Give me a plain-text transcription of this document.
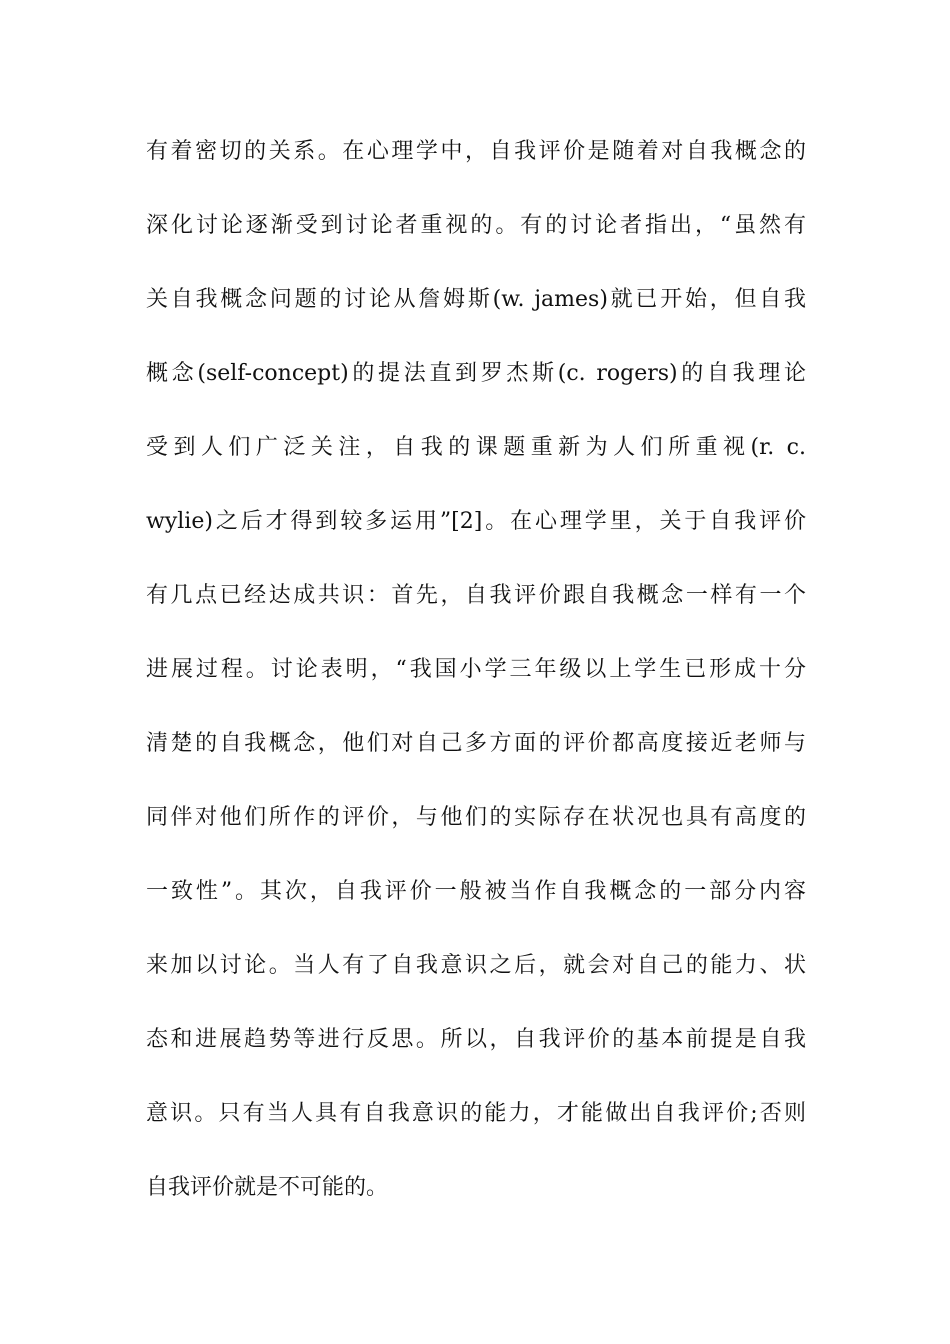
有着密切的关系。在心理学中，自我评价是随着对自我概念的
深化讨论逐渐受到讨论者重视的。有的讨论者指出，“虽然有
关自我概念问题的讨论从詹姆斯(w. james)就已开始，但自我
概念(self-concept)的提法直到罗杰斯(c. rogers)的自我理论
受到人们广泛关注，自我的课题重新为人们所重视(r. c.
wylie)之后才得到较多运用”[2]。在心理学里，关于自我评价
有几点已经达成共识：首先，自我评价跟自我概念一样有一个
进展过程。讨论表明，“我国小学三年级以上学生已形成十分
清楚的自我概念，他们对自己多方面的评价都高度接近老师与
同伴对他们所作的评价，与他们的实际存在状况也具有高度的
一致性”。其次，自我评价一般被当作自我概念的一部分内容
来加以讨论。当人有了自我意识之后，就会对自己的能力、状
态和进展趋势等进行反思。所以，自我评价的基本前提是自我
意识。只有当人具有自我意识的能力，才能做出自我评价;否则
自我评价就是不可能的。
